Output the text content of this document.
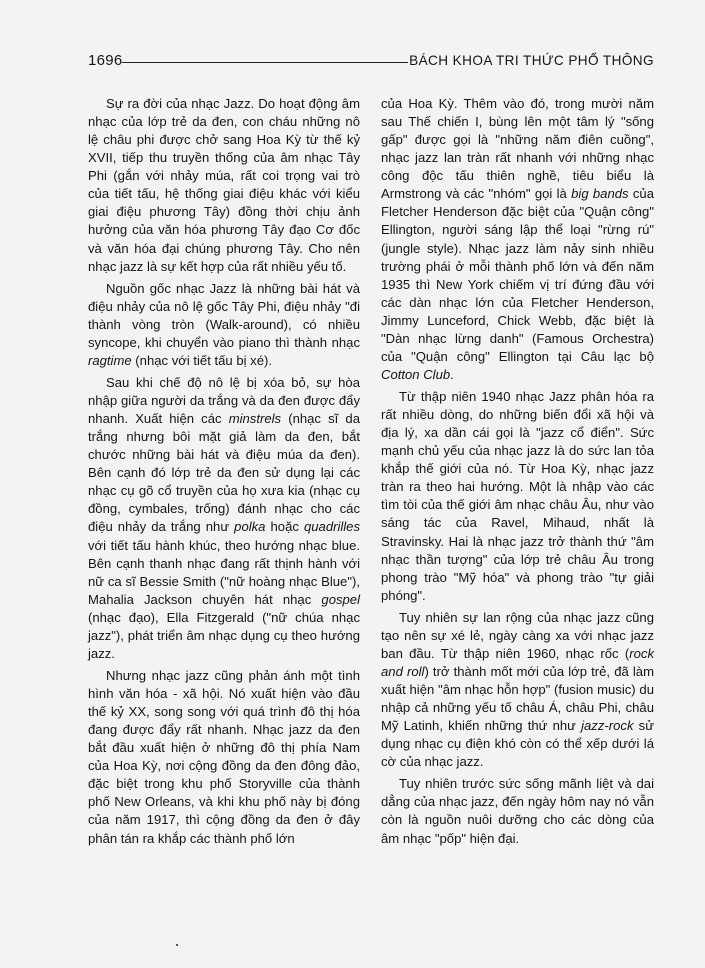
1696	BÁCH KHOA TRI THỨC PHỔ THÔNG

Sự ra đời của nhạc Jazz. Do hoạt động âm nhạc của lớp trẻ da đen, con cháu những nô lệ châu phi được chở sang Hoa Kỳ từ thế kỷ XVII, tiếp thu truyền thống của âm nhạc Tây Phi (gắn với nhảy múa, rất coi trọng vai trò của tiết tấu, hệ thống giai điệu khác với kiểu giai điệu phương Tây) đồng thời chịu ảnh hưởng của văn hóa phương Tây đạo Cơ đốc và văn hóa đại chúng phương Tây. Cho nên nhạc jazz là sự kết hợp của rất nhiều yếu tố.

Nguồn gốc nhạc Jazz là những bài hát và điệu nhảy của nô lệ gốc Tây Phi, điệu nhảy "đi thành vòng tròn (Walk-around), có nhiều syncope, khi chuyển vào piano thì thành nhạc ragtime (nhạc với tiết tấu bị xé).

Sau khi chế độ nô lệ bị xóa bỏ, sự hòa nhập giữa người da trắng và da đen được đẩy nhanh. Xuất hiện các minstrels (nhạc sĩ da trắng nhưng bôi mặt giả làm da đen, bắt chước những bài hát và điệu múa da đen). Bên cạnh đó lớp trẻ da đen sử dụng lại các nhạc cụ gõ cổ truyền của họ xưa kia (nhạc cụ đồng, cymbales, trống) đánh nhạc cho các điệu nhảy da trắng như polka hoặc quadrilles với tiết tấu hành khúc, theo hướng nhạc blue. Bên cạnh thanh nhạc đang rất thịnh hành với nữ ca sĩ Bessie Smith ("nữ hoàng nhạc Blue"), Mahalia Jackson chuyên hát nhạc gospel (nhạc đạo), Ella Fitzgerald ("nữ chúa nhạc jazz"), phát triển âm nhạc dụng cụ theo hướng jazz.

Nhưng nhạc jazz cũng phản ánh một tình hình văn hóa - xã hội. Nó xuất hiện vào đầu thế kỷ XX, song song với quá trình đô thị hóa đang được đẩy rất nhanh. Nhạc jazz da đen bắt đầu xuất hiện ở những đô thị phía Nam của Hoa Kỳ, nơi cộng đồng da đen đông đảo, đặc biệt trong khu phố Storyville của thành phố New Orleans, và khi khu phố này bị đóng của năm 1917, thì cộng đồng da đen ở đây phân tán ra khắp các thành phố lớn

của Hoa Kỳ. Thêm vào đó, trong mười năm sau Thế chiến I, bùng lên một tâm lý "sống gấp" được gọi là "những năm điên cuồng", nhạc jazz lan tràn rất nhanh với những nhạc công độc tấu thiên nghề, tiêu biểu là Armstrong và các "nhóm" gọi là big bands của Fletcher Henderson đặc biệt của "Quận công" Ellington, người sáng lập thể loại "rừng rú" (jungle style). Nhạc jazz làm nảy sinh nhiều trường phái ở mỗi thành phố lớn và đến năm 1935 thì New York chiếm vị trí đứng đầu với các dàn nhạc lớn của Fletcher Henderson, Jimmy Lunceford, Chick Webb, đặc biệt là "Dàn nhạc lừng danh" (Famous Orchestra) của "Quận công" Ellington tại Câu lạc bộ Cotton Club.

Từ thập niên 1940 nhạc Jazz phân hóa ra rất nhiều dòng, do những biến đổi xã hội và địa lý, xa dần cái gọi là "jazz cổ điển". Sức mạnh chủ yếu của nhạc jazz là do sức lan tỏa khắp thế giới của nó. Từ Hoa Kỳ, nhạc jazz tràn ra theo hai hướng. Một là nhập vào các tìm tòi của thế giới âm nhạc châu Âu, như vào sáng tác của Ravel, Mihaud, nhất là Stravinsky. Hai là nhạc jazz trở thành thứ "âm nhạc thần tượng" của lớp trẻ châu Âu trong phong trào "Mỹ hóa" và phong trào "tự giải phóng".

Tuy nhiên sự lan rộng của nhạc jazz cũng tạo nên sự xé lẻ, ngày càng xa với nhạc jazz ban đầu. Từ thập niên 1960, nhạc rốc (rock and roll) trở thành mốt mới của lớp trẻ, đã làm xuất hiện "âm nhạc hỗn hợp" (fusion music) du nhập cả những yếu tố châu Á, châu Phi, châu Mỹ Latinh, khiến những thứ như jazz-rock sử dụng nhạc cụ điện khó còn có thể xếp dưới lá cờ của nhạc jazz.

Tuy nhiên trước sức sống mãnh liệt và dai dẳng của nhạc jazz, đến ngày hôm nay nó vẫn còn là nguồn nuôi dưỡng cho các dòng của âm nhạc "pốp" hiện đại.
